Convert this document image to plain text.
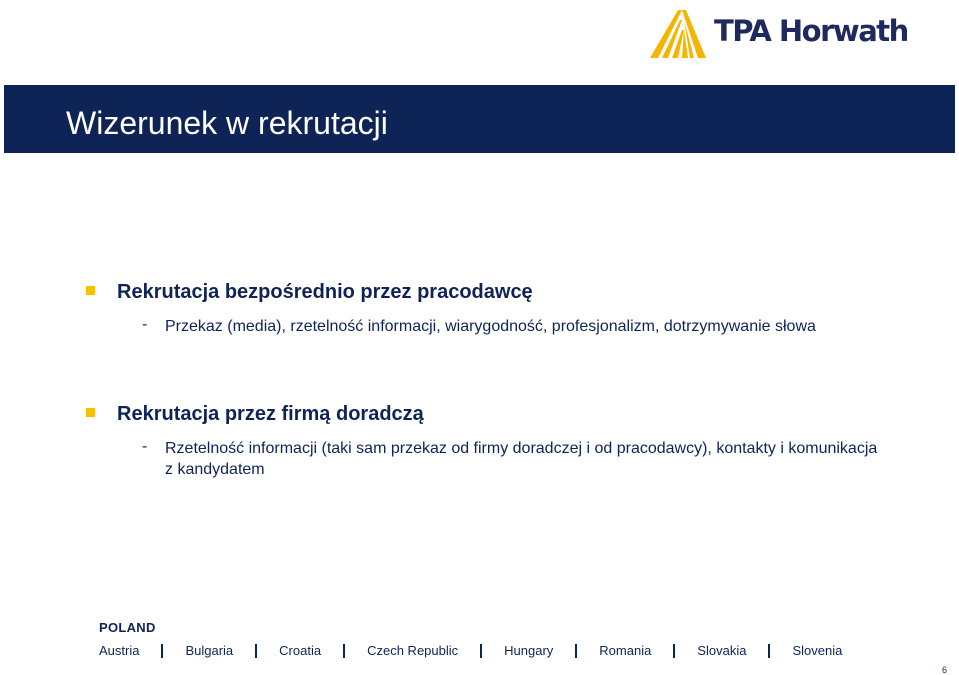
TPA Horwath
Wizerunek w rekrutacji
Rekrutacja bezpośrednio przez pracodawcę
- Przekaz (media), rzetelność informacji, wiarygodność, profesjonalizm, dotrzymywanie słowa
Rekrutacja przez firmą doradczą
- Rzetelność informacji (taki sam przekaz od firmy doradczej i od pracodawcy), kontakty i komunikacja z kandydatem
POLAND
Austria	Bulgaria	Croatia	Czech Republic	Hungary	Romania	Slovakia	Slovenia
6
